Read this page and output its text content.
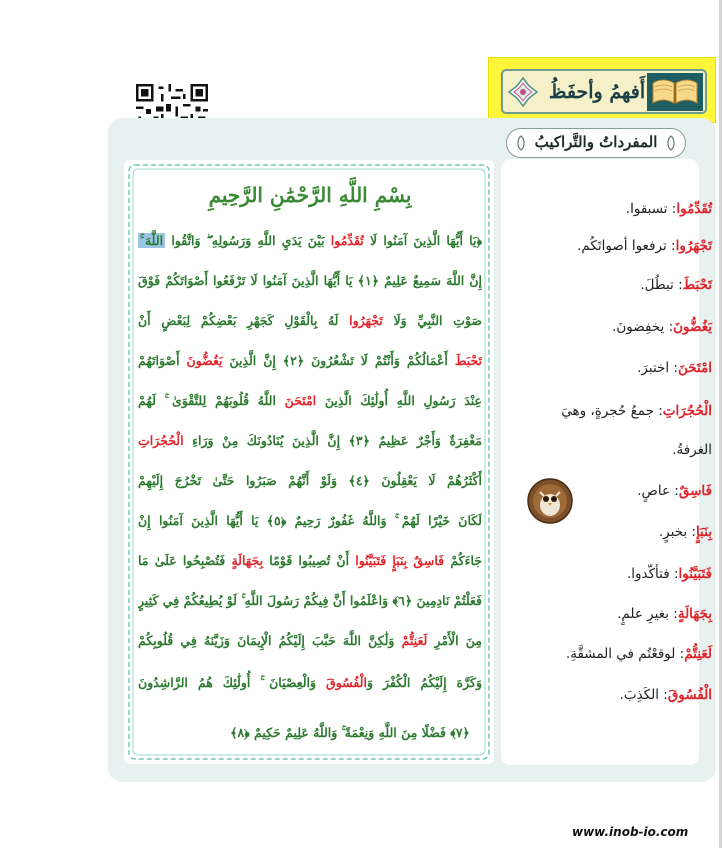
أَفهمُ وأحفَظُ
المفرداتُ والتَّراكيبُ
تُقَدِّمُوا: تسبقوا.
تَجْهَرُوا: ترفعوا أصواتَكُم.
تَحْبَطَ: تبطُلَ.
يَغُضُّونَ: يخفِضونَ.
امْتَحَنَ: اختبرَ.
الْحُجُرَاتِ: جمعُ حُجرةٍ، وهيَ
الغرفةُ.
فَاسِقٌ: عاصٍ.
بِنَبَإٍ: بخبرٍ.
فَتَبَيَّنُوا: فتأكّدوا.
بِجَهَالَةٍ: بغيرِ علمٍ.
لَعَنِتُّمْ: لوقعْتُم في المشقَّةِ.
الْفُسُوقَ: الكَذِبَ.
بِسْمِ اللَّهِ الرَّحْمَٰنِ الرَّحِيمِ
﴿يَا أَيُّهَا الَّذِينَ آمَنُوا لَا تُقَدِّمُوا بَيْنَ يَدَيِ اللَّهِ وَرَسُولِهِ ۖ وَاتَّقُوا اللَّهَ ۚ
إِنَّ اللَّهَ سَمِيعٌ عَلِيمٌ ﴿١﴾ يَا أَيُّهَا الَّذِينَ آمَنُوا لَا تَرْفَعُوا أَصْوَاتَكُمْ فَوْقَ
صَوْتِ النَّبِيِّ وَلَا تَجْهَرُوا لَهُ بِالْقَوْلِ كَجَهْرِ بَعْضِكُمْ لِبَعْضٍ أَنْ
تَحْبَطَ أَعْمَالُكُمْ وَأَنْتُمْ لَا تَشْعُرُونَ ﴿٢﴾ إِنَّ الَّذِينَ يَغُضُّونَ أَصْوَاتَهُمْ
عِنْدَ رَسُولِ اللَّهِ أُولَٰئِكَ الَّذِينَ امْتَحَنَ اللَّهُ قُلُوبَهُمْ لِلتَّقْوَىٰ ۚ لَهُمْ
مَغْفِرَةٌ وَأَجْرٌ عَظِيمٌ ﴿٣﴾ إِنَّ الَّذِينَ يُنَادُونَكَ مِنْ وَرَاءِ الْحُجُرَاتِ
أَكْثَرُهُمْ لَا يَعْقِلُونَ ﴿٤﴾ وَلَوْ أَنَّهُمْ صَبَرُوا حَتَّىٰ تَخْرُجَ إِلَيْهِمْ
لَكَانَ خَيْرًا لَهُمْ ۚ وَاللَّهُ غَفُورٌ رَحِيمٌ ﴿٥﴾ يَا أَيُّهَا الَّذِينَ آمَنُوا إِنْ
جَاءَكُمْ فَاسِقٌ بِنَبَإٍ فَتَبَيَّنُوا أَنْ تُصِيبُوا قَوْمًا بِجَهَالَةٍ فَتُصْبِحُوا عَلَىٰ مَا
فَعَلْتُمْ نَادِمِينَ ﴿٦﴾ وَاعْلَمُوا أَنَّ فِيكُمْ رَسُولَ اللَّهِ ۚ لَوْ يُطِيعُكُمْ فِي كَثِيرٍ
مِنَ الْأَمْرِ لَعَنِتُّمْ وَلَٰكِنَّ اللَّهَ حَبَّبَ إِلَيْكُمُ الْإِيمَانَ وَزَيَّنَهُ فِي قُلُوبِكُمْ
وَكَرَّهَ إِلَيْكُمُ الْكُفْرَ وَالْفُسُوقَ وَالْعِصْيَانَ ۚ أُولَٰئِكَ هُمُ الرَّاشِدُونَ
﴿٧﴾ فَضْلًا مِنَ اللَّهِ وَنِعْمَةً ۚ وَاللَّهُ عَلِيمٌ حَكِيمٌ ﴿٨﴾
www.inob-io.com
